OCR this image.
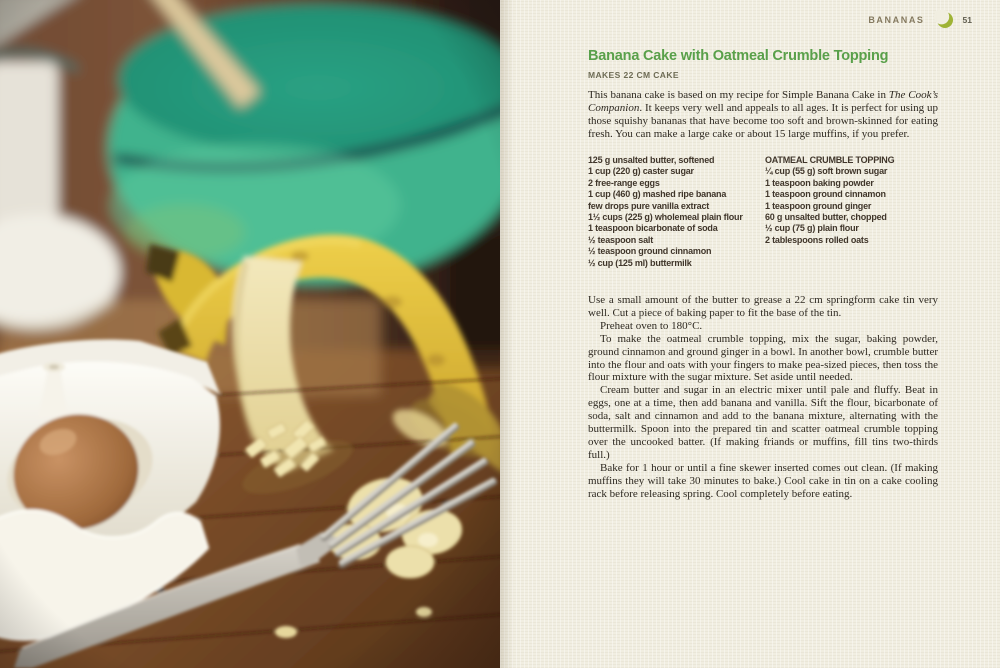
BANANAS	51
Banana Cake with Oatmeal Crumble Topping
MAKES 22 CM CAKE
This banana cake is based on my recipe for Simple Banana Cake in The Cook’s Companion. It keeps very well and appeals to all ages. It is perfect for using up those squishy bananas that have become too soft and brown-skinned for eating fresh. You can make a large cake or about 15 large muffins, if you prefer.
125 g unsalted butter, softened
1 cup (220 g) caster sugar
2 free-range eggs
1 cup (460 g) mashed ripe banana
few drops pure vanilla extract
1½ cups (225 g) wholemeal plain flour
1 teaspoon bicarbonate of soda
½ teaspoon salt
½ teaspoon ground cinnamon
½ cup (125 ml) buttermilk
OATMEAL CRUMBLE TOPPING
¼ cup (55 g) soft brown sugar
1 teaspoon baking powder
1 teaspoon ground cinnamon
1 teaspoon ground ginger
60 g unsalted butter, chopped
½ cup (75 g) plain flour
2 tablespoons rolled oats

Use a small amount of the butter to grease a 22 cm springform cake tin very well. Cut a piece of baking paper to fit the base of the tin.

Preheat oven to 180°C.

To make the oatmeal crumble topping, mix the sugar, baking powder, ground cinnamon and ground ginger in a bowl. In another bowl, crumble butter into the flour and oats with your fingers to make pea-sized pieces, then toss the flour mixture with the sugar mixture. Set aside until needed.

Cream butter and sugar in an electric mixer until pale and fluffy. Beat in eggs, one at a time, then add banana and vanilla. Sift the flour, bicarbonate of soda, salt and cinnamon and add to the banana mixture, alternating with the buttermilk. Spoon into the prepared tin and scatter oatmeal crumble topping over the uncooked batter. (If making friands or muffins, fill tins two-thirds full.)

Bake for 1 hour or until a fine skewer inserted comes out clean. (If making muffins they will take 30 minutes to bake.) Cool cake in tin on a cake cooling rack before releasing spring. Cool completely before eating.
